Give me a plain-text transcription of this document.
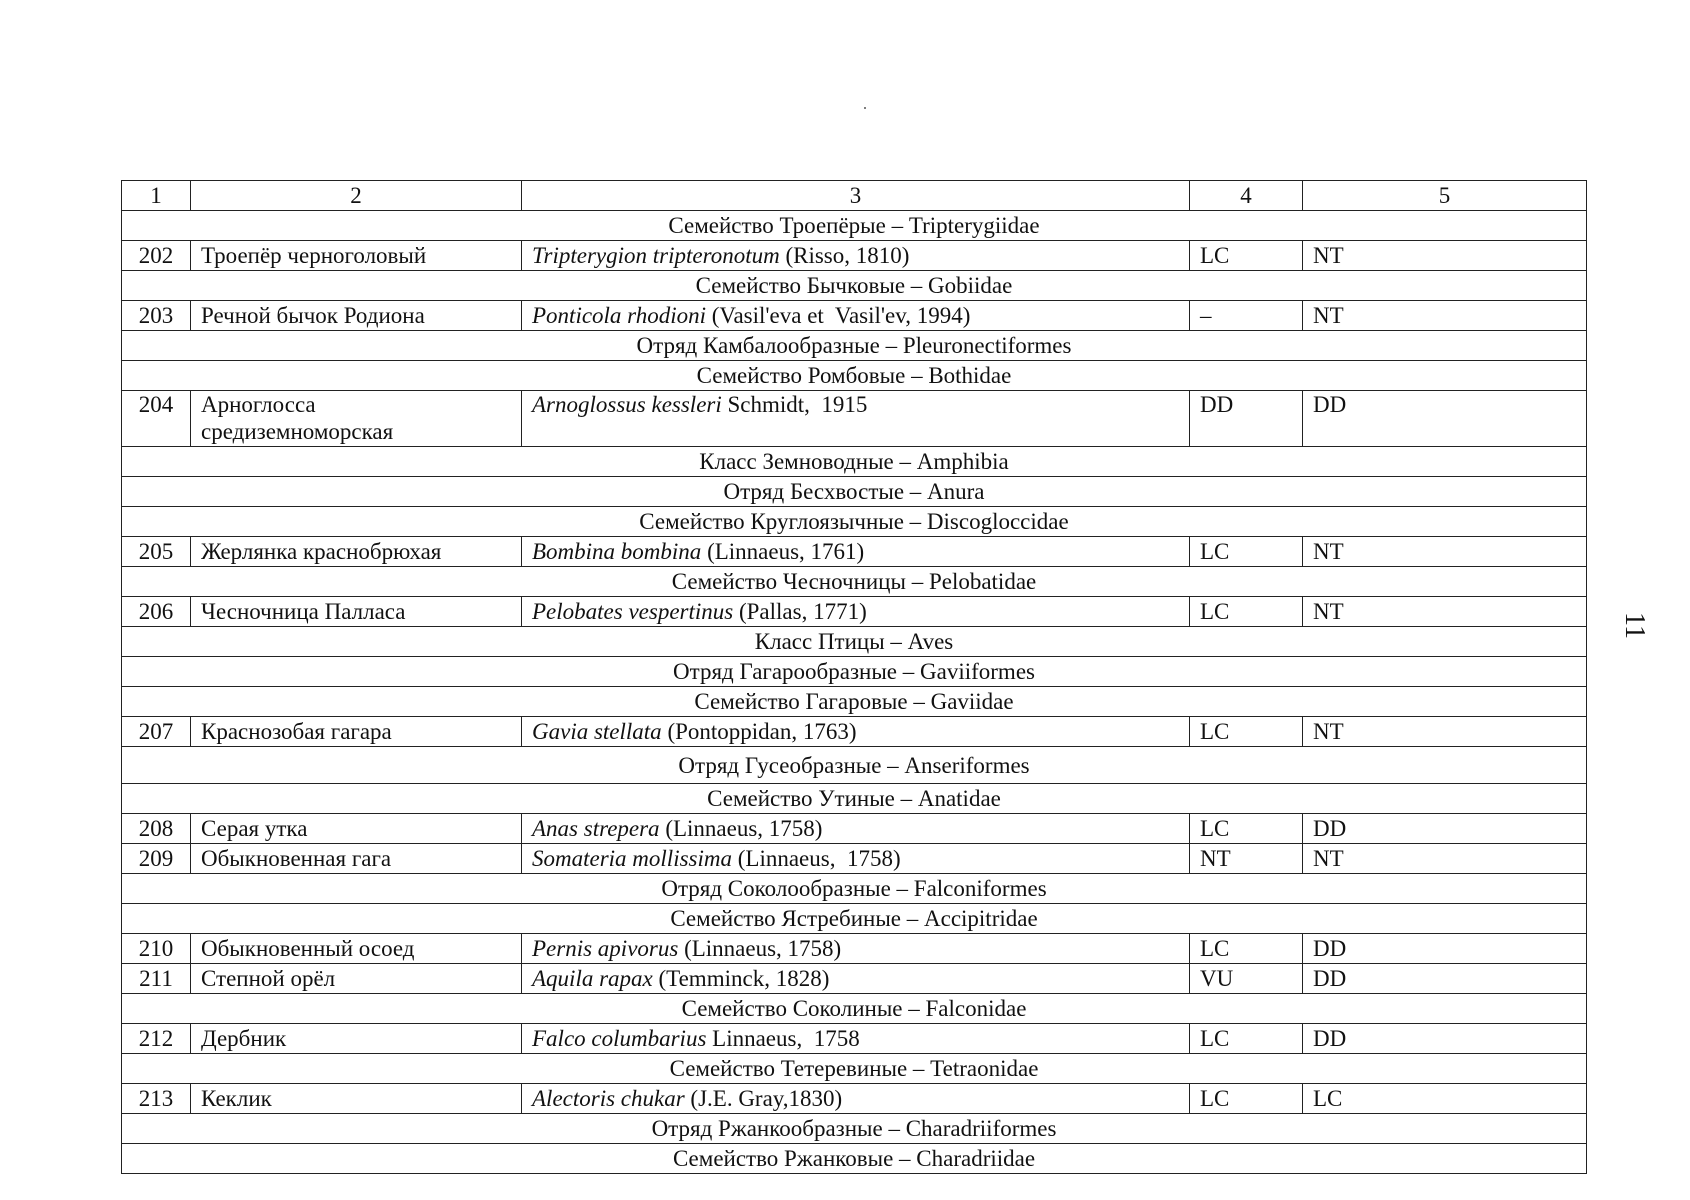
11
1	2	3	4	5
Семейство Троепёрые – Tripterygiidae				
202	Троепёр черноголовый	Tripterygion tripteronotum (Risso, 1810)	LC	NT
Семейство Бычковые – Gobiidae				
203	Речной бычок Родиона	Ponticola rhodioni (Vasil'eva et  Vasil'ev, 1994)	–	NT
Отряд Камбалообразные – Pleuronectiformes				
Семейство Ромбовые – Bothidae				
204	Арноглосса средиземноморская	Arnoglossus kessleri Schmidt,  1915	DD	DD
Класс Земноводные – Amphibia				
Отряд Бесхвостые – Anura				
Семейство Круглоязычные – Discogloccidae				
205	Жерлянка краснобрюхая	Bombina bombina (Linnaeus, 1761)	LC	NT
Семейство Чесночницы – Pelobatidae				
206	Чесночница Палласа	Pelobates vespertinus (Pallas, 1771)	LC	NT
Класс Птицы – Aves				
Отряд Гагарообразные – Gaviiformes				
Семейство Гагаровые – Gaviidae				
207	Краснозобая гагара	Gavia stellata (Pontoppidan, 1763)	LC	NT
Отряд Гусеобразные – Anseriformes				
Семейство Утиные – Anatidae				
208	Серая утка	Anas strepera (Linnaeus, 1758)	LC	DD
209	Обыкновенная гага	Somateria mollissima (Linnaeus,  1758)	NT	NT
Отряд Соколообразные – Falconiformes				
Семейство Ястребиные – Accipitridae				
210	Обыкновенный осоед	Pernis apivorus (Linnaeus, 1758)	LC	DD
211	Степной орёл	Aquila rapax (Temminck, 1828)	VU	DD
Семейство Соколиные – Falconidae				
212	Дербник	Falco columbarius Linnaeus,  1758	LC	DD
Семейство Тетеревиные – Tetraonidae				
213	Кеклик	Alectoris chukar (J.E. Gray,1830)	LC	LC
Отряд Ржанкообразные – Charadriiformes				
Семейство Ржанковые – Charadriidae				
